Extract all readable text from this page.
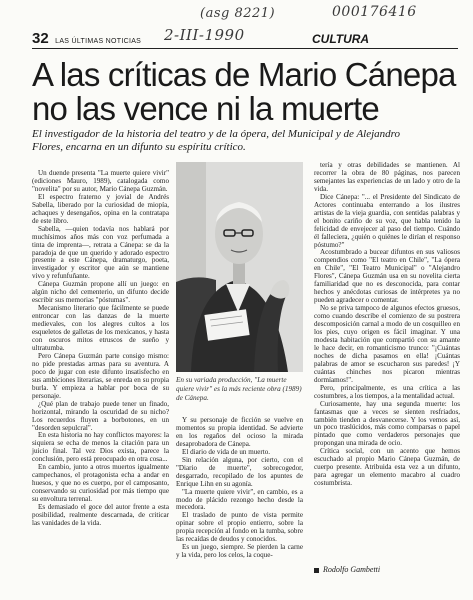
(asg 8221)	000176416
2-III-1990
32 LAS ÚLTIMAS NOTICIAS	CULTURA
A las críticas de Mario Cánepa
no las vence ni la muerte
El investigador de la historia del teatro y de la ópera, del Municipal y de Alejandro
Flores, encarna en un difunto su espíritu crítico.

Un duende presenta "La muerte quiere vivir" (ediciones Mauro, 1989), catalogada como "novelita" por su autor, Mario Cánepa Guzmán.

El espectro fraterno y jovial de Andrés Sabella, liberado por la curiosidad de miopía, achaques y desengaños, opina en la contratapa de este libro.

Sabella, —quien todavía nos hablará por muchísimos años más con voz perfumada a tinta de imprenta—, retrata a Cánepa: se da la paradoja de que un querido y adorado espectro presente a este Cánepa, dramaturgo, poeta, investigador y escritor que aún se mantiene vivo y refunfuñante.

Cánepa Guzmán propone allí un juego: en algún nicho del cementerio, un difunto decide escribir sus memorias "póstumas".

Mecanismo literario que fácilmente se puede entroncar con las danzas de la muerte medievales, con los alegres cultos a los esqueletos de galletas de los mexicanos, y hasta con oscuros mitos etruscos de sueño y ultratumba.

Pero Cánepa Guzmán parte consigo mismo: no pide prestadas armas para su aventura. A poco de jugar con este difunto insatisfecho en sus ambiciones literarias, se enreda en su propia burla. Y empieza a hablar por boca de su personaje.

¿Qué plan de trabajo puede tener un finado, horizontal, mirando la oscuridad de su nicho? Los recuerdos fluyen a borbotones, en un "desorden sepulcral".

En esta historia no hay conflictos mayores: la siquiera se echa de menos la citación para un juicio final. Tal vez Dios exista, parece la conclusión, pero está preocupado en otra cosa...

En cambio, junto a otros muertos igualmente campechanos, el protagonista echa a andar en huesos, y que no es cuerpo, por el camposanto, conservando su curiosidad por más tiempo que su envoltura terrenal.

Es demasiado el goce del autor frente a esta posibilidad, realmente descarnada, de criticar las vanidades de la vida.

En su variada producción, "La muerte quiere vivir" es la más reciente obra (1989) de Cánepa.

Y su personaje de ficción se vuelve en momentos su propia identidad. Se advierte en los regaños del ocioso la mirada desaprobadora de Cánepa.

El diario de vida de un muerto.

Sin relación alguna, por cierto, con el "Diario de muerte", sobrecogedor, desgarrado, recopilado de los apuntes de Enrique Lihn en su agonía.

"La muerte quiere vivir", en cambio, es a modo de plácido rezongo hecho desde la mecedora.

El traslado de punto de vista permite opinar sobre el propio entierro, sobre la propia recepción al fondo en la tumba, sobre las recaídas de deudos y conocidos.

Es un juego, siempre. Se pierden la carne y la vida, pero los celos, la coque-

tería y otras debilidades se mantienen. Al recorrer la obra de 80 páginas, nos parecen semejantes las experiencias de un lado y otro de la vida.

Dice Cánepa: "... el Presidente del Sindicato de Actores continuaba enterrando a los ilustres artistas de la vieja guardia, con sentidas palabras y el bonito cariño de su voz, que habla tenido la felicidad de envejecer al paso del tiempo. Cuándo él falleciera, ¿quién o quiénes le dirían el responso póstumo?"

Acostumbrado a bucear difuntos en sus valiosos compendios como "El teatro en Chile", "La ópera en Chile", "El Teatro Municipal" o "Alejandro Flores", Cánepa Guzmán usa en su novelita cierta familiaridad que no es desconocida, para contar hechos y anécdotas curiosas de intérpretes ya no pueden agradecer o comentar.

No se priva tampoco de algunos efectos gruesos, como cuando describe el comienzo de su postrera descomposición carnal a modo de un cosquilleo en los pies, cuyo origen es fácil imaginar. Y una modesta habitación que compartió con su amante le hace decir, en romanticismo trunco: "¡Cuántas noches de dicha pasamos en ella! ¡Cuántas palabras de amor se escucharon sus paredes! ¡Y cuántas chinches nos picaron mientras dormíamos!".

Pero, principalmente, es una crítica a las costumbres, a los tiempos, a la mentalidad actual.

Curiosamente, hay una segunda muerte: los fantasmas que a veces se sienten resfriados, también tienden a desvanecerse. Y los vemos así, un poco traslúcidos, más como comparsas o papel pintado que como verdaderos personajes que propongan una mirada de ocio.

Crítica social, con un acento que hemos escuchado al propio Mario Cánepa Guzmán, de cuerpo presente. Atribuida esta vez a un difunto, para agregar un elemento macabro al cuadro costumbrista.

Rodolfo Gambetti
